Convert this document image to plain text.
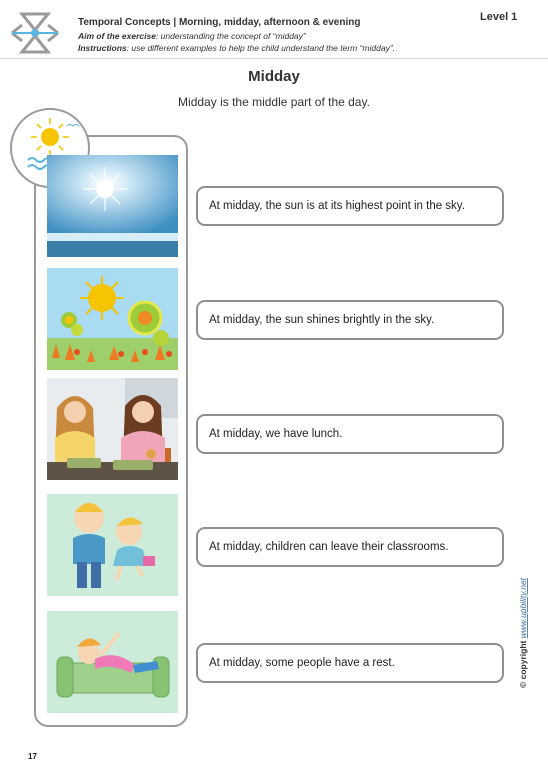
Temporal Concepts | Morning, midday, afternoon & evening
Aim of the exercise: understanding the concept of “midday”
Instructions: use different examples to help the child understand the term “midday”.
Level 1
Midday
Midday is the middle part of the day.
At midday, the sun is at its highest point in the sky.
At midday, the sun shines brightly in the sky.
At midday, we have lunch.
At midday, children can leave their classrooms.
At midday, some people have a rest.	© copyright www.upbility.net
17
